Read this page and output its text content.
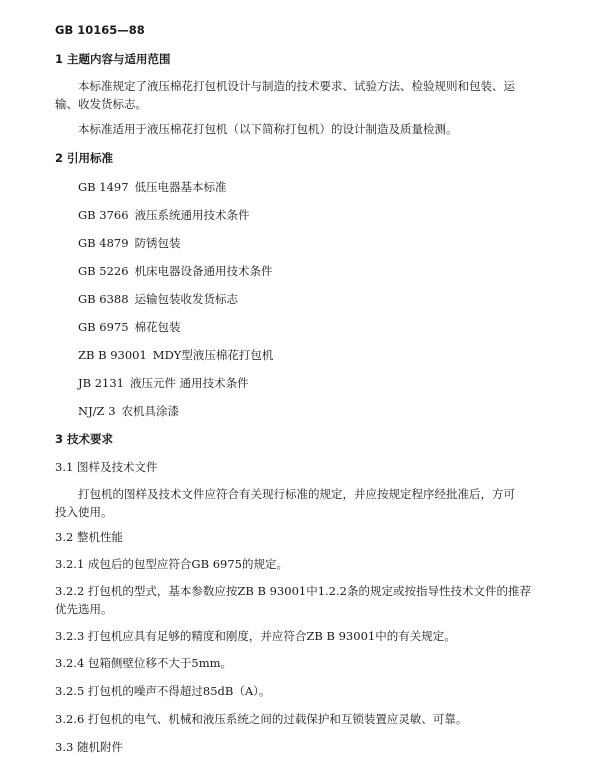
GB 10165—88
1 主题内容与适用范围
本标准规定了液压棉花打包机设计与制造的技术要求、试验方法、检验规则和包装、运
输、收发货标志。
本标准适用于液压棉花打包机（以下简称打包机）的设计制造及质量检测。
2 引用标准
GB 1497 低压电器基本标准
GB 3766 液压系统通用技术条件
GB 4879 防锈包装
GB 5226 机床电器设备通用技术条件
GB 6388 运输包装收发货标志
GB 6975 棉花包装
ZB B 93001 MDY型液压棉花打包机
JB 2131 液压元件 通用技术条件
NJ/Z 3 农机具涂漆
3 技术要求
3.1 图样及技术文件
打包机的图样及技术文件应符合有关现行标准的规定，并应按规定程序经批准后，方可
投入使用。
3.2 整机性能
3.2.1 成包后的包型应符合GB 6975的规定。
3.2.2 打包机的型式，基本参数应按ZB B 93001中1.2.2条的规定或按指导性技术文件的推荐
优先选用。
3.2.3 打包机应具有足够的精度和刚度，并应符合ZB B 93001中的有关规定。
3.2.4 包箱侧壁位移不大于5mm。
3.2.5 打包机的噪声不得超过85dB（A）。
3.2.6 打包机的电气、机械和液压系统之间的过载保护和互锁装置应灵敏、可靠。
3.3 随机附件
